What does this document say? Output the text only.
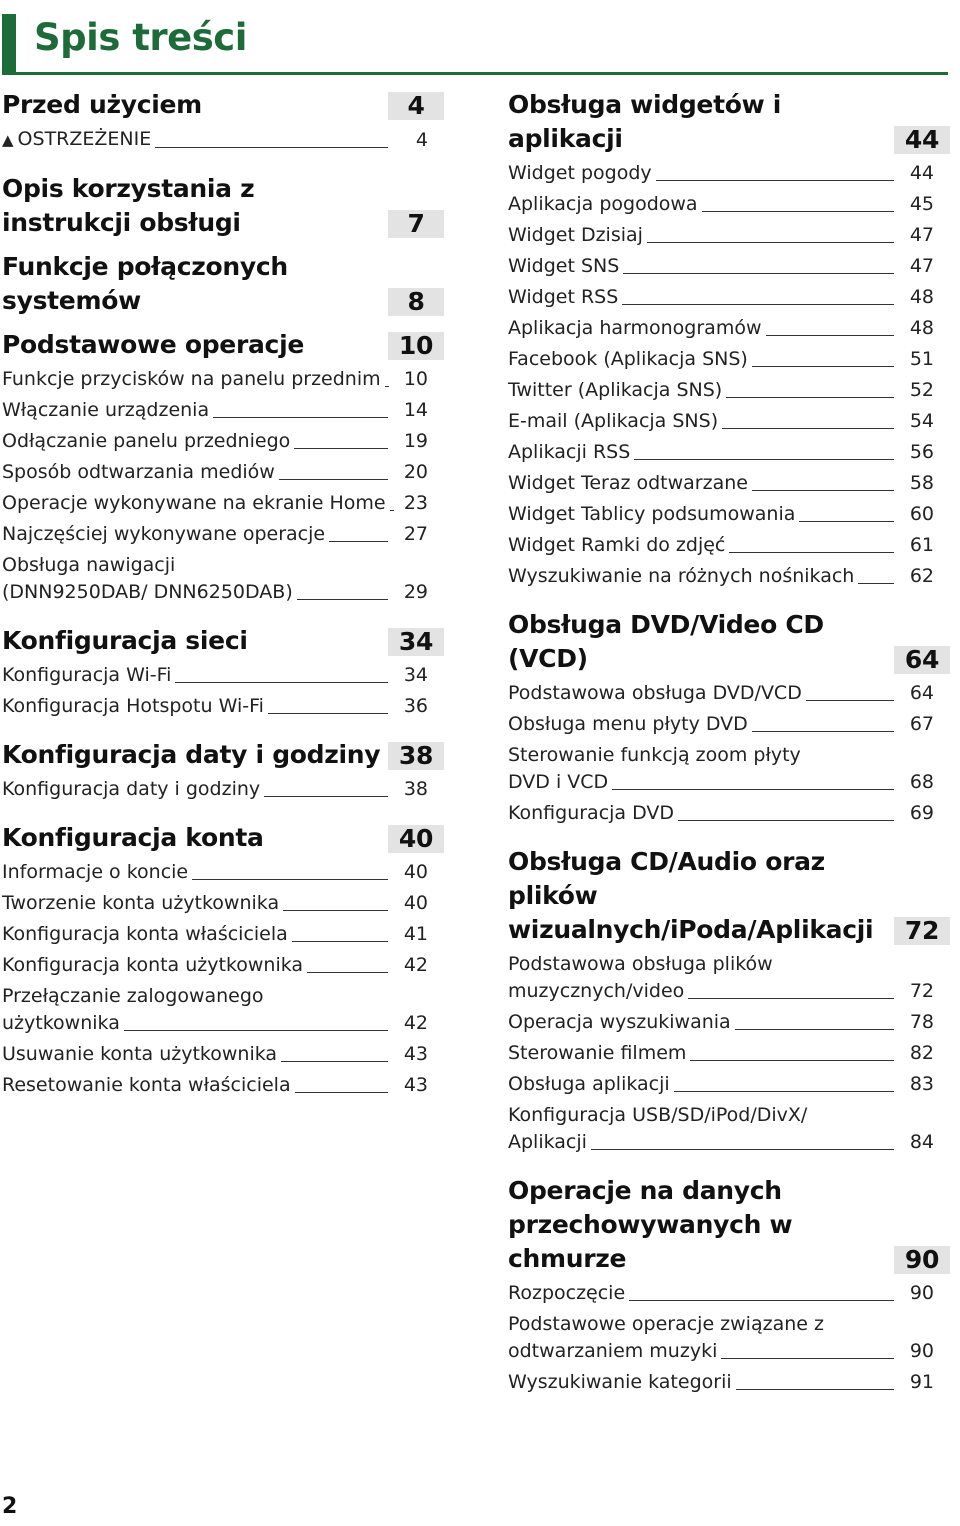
Spis treści
Przed użyciem	4
▲ OSTRZEŻENIE	4
Opis korzystania z instrukcji obsługi	7
Funkcje połączonych systemów	8
Podstawowe operacje	10
Funkcje przycisków na panelu przednim	10
Włączanie urządzenia	14
Odłączanie panelu przedniego	19
Sposób odtwarzania mediów	20
Operacje wykonywane na ekranie Home 23
Najczęściej wykonywane operacje	27
Obsługa nawigacji
(DNN9250DAB/ DNN6250DAB)	29
Konfiguracja sieci	34
Konfiguracja Wi-Fi	34
Konfiguracja Hotspotu Wi-Fi	36
Konfiguracja daty i godziny 38
Konfiguracja daty i godziny	38
Konfiguracja konta	40
Informacje o koncie	40
Tworzenie konta użytkownika	40
Konfiguracja konta właściciela	41
Konfiguracja konta użytkownika	42
Przełączanie zalogowanego
użytkownika	42
Usuwanie konta użytkownika	43
Resetowanie konta właściciela	43
Obsługa widgetów i aplikacji	44
Widget pogody	44
Aplikacja pogodowa	45
Widget Dzisiaj	47
Widget SNS	47
Widget RSS	48
Aplikacja harmonogramów	48
Facebook (Aplikacja SNS)	51
Twitter (Aplikacja SNS)	52
E-mail (Aplikacja SNS)	54
Aplikacji RSS	56
Widget Teraz odtwarzane	58
Widget Tablicy podsumowania	60
Widget Ramki do zdjęć	61
Wyszukiwanie na różnych nośnikach	62
Obsługa DVD/Video CD (VCD)	64
Podstawowa obsługa DVD/VCD	64
Obsługa menu płyty DVD	67
Sterowanie funkcją zoom płyty
DVD i VCD	68
Konfiguracja DVD	69
Obsługa CD/Audio oraz plików wizualnych/iPoda/Aplikacji	72
Podstawowa obsługa plików
muzycznych/video	72
Operacja wyszukiwania	78
Sterowanie filmem	82
Obsługa aplikacji	83
Konfiguracja USB/SD/iPod/DivX/
Aplikacji	84
Operacje na danych przechowywanych w chmurze	90
Rozpoczęcie	90
Podstawowe operacje związane z
odtwarzaniem muzyki	90
Wyszukiwanie kategorii	91
2
